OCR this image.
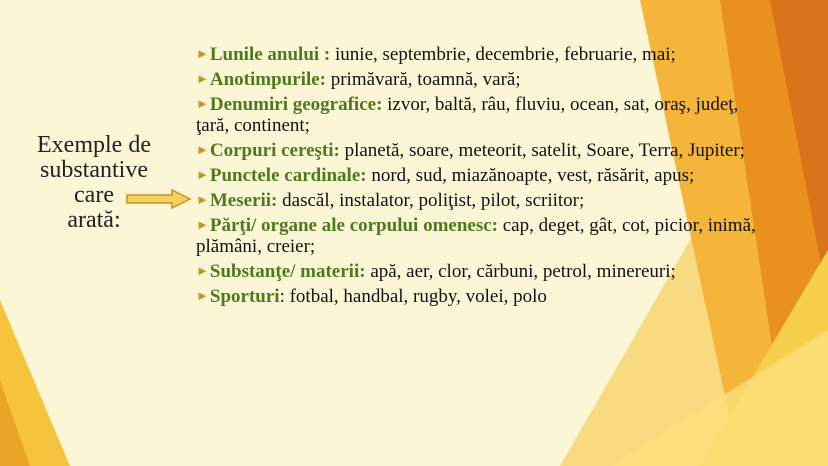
Exemple de
substantive
care
arată:
►Lunile anului : iunie, septembrie, decembrie, februarie, mai;
►Anotimpurile: primăvară, toamnă, vară;
►Denumiri geografice: izvor, baltă, râu, fluviu, ocean, sat, oraş, judeţ, ţară, continent;
►Corpuri cereşti: planetă, soare, meteorit, satelit, Soare, Terra, Jupiter;
►Punctele cardinale: nord, sud, miazănoapte, vest, răsărit, apus;
►Meserii: dascăl, instalator, poliţist, pilot, scriitor;
►Părţi/ organe ale corpului omenesc: cap, deget, gât, cot, picior, inimă, plămâni, creier;
►Substanţe/ materii: apă, aer, clor, cărbuni, petrol, minereuri;
►Sporturi: fotbal, handbal, rugby, volei, polo
